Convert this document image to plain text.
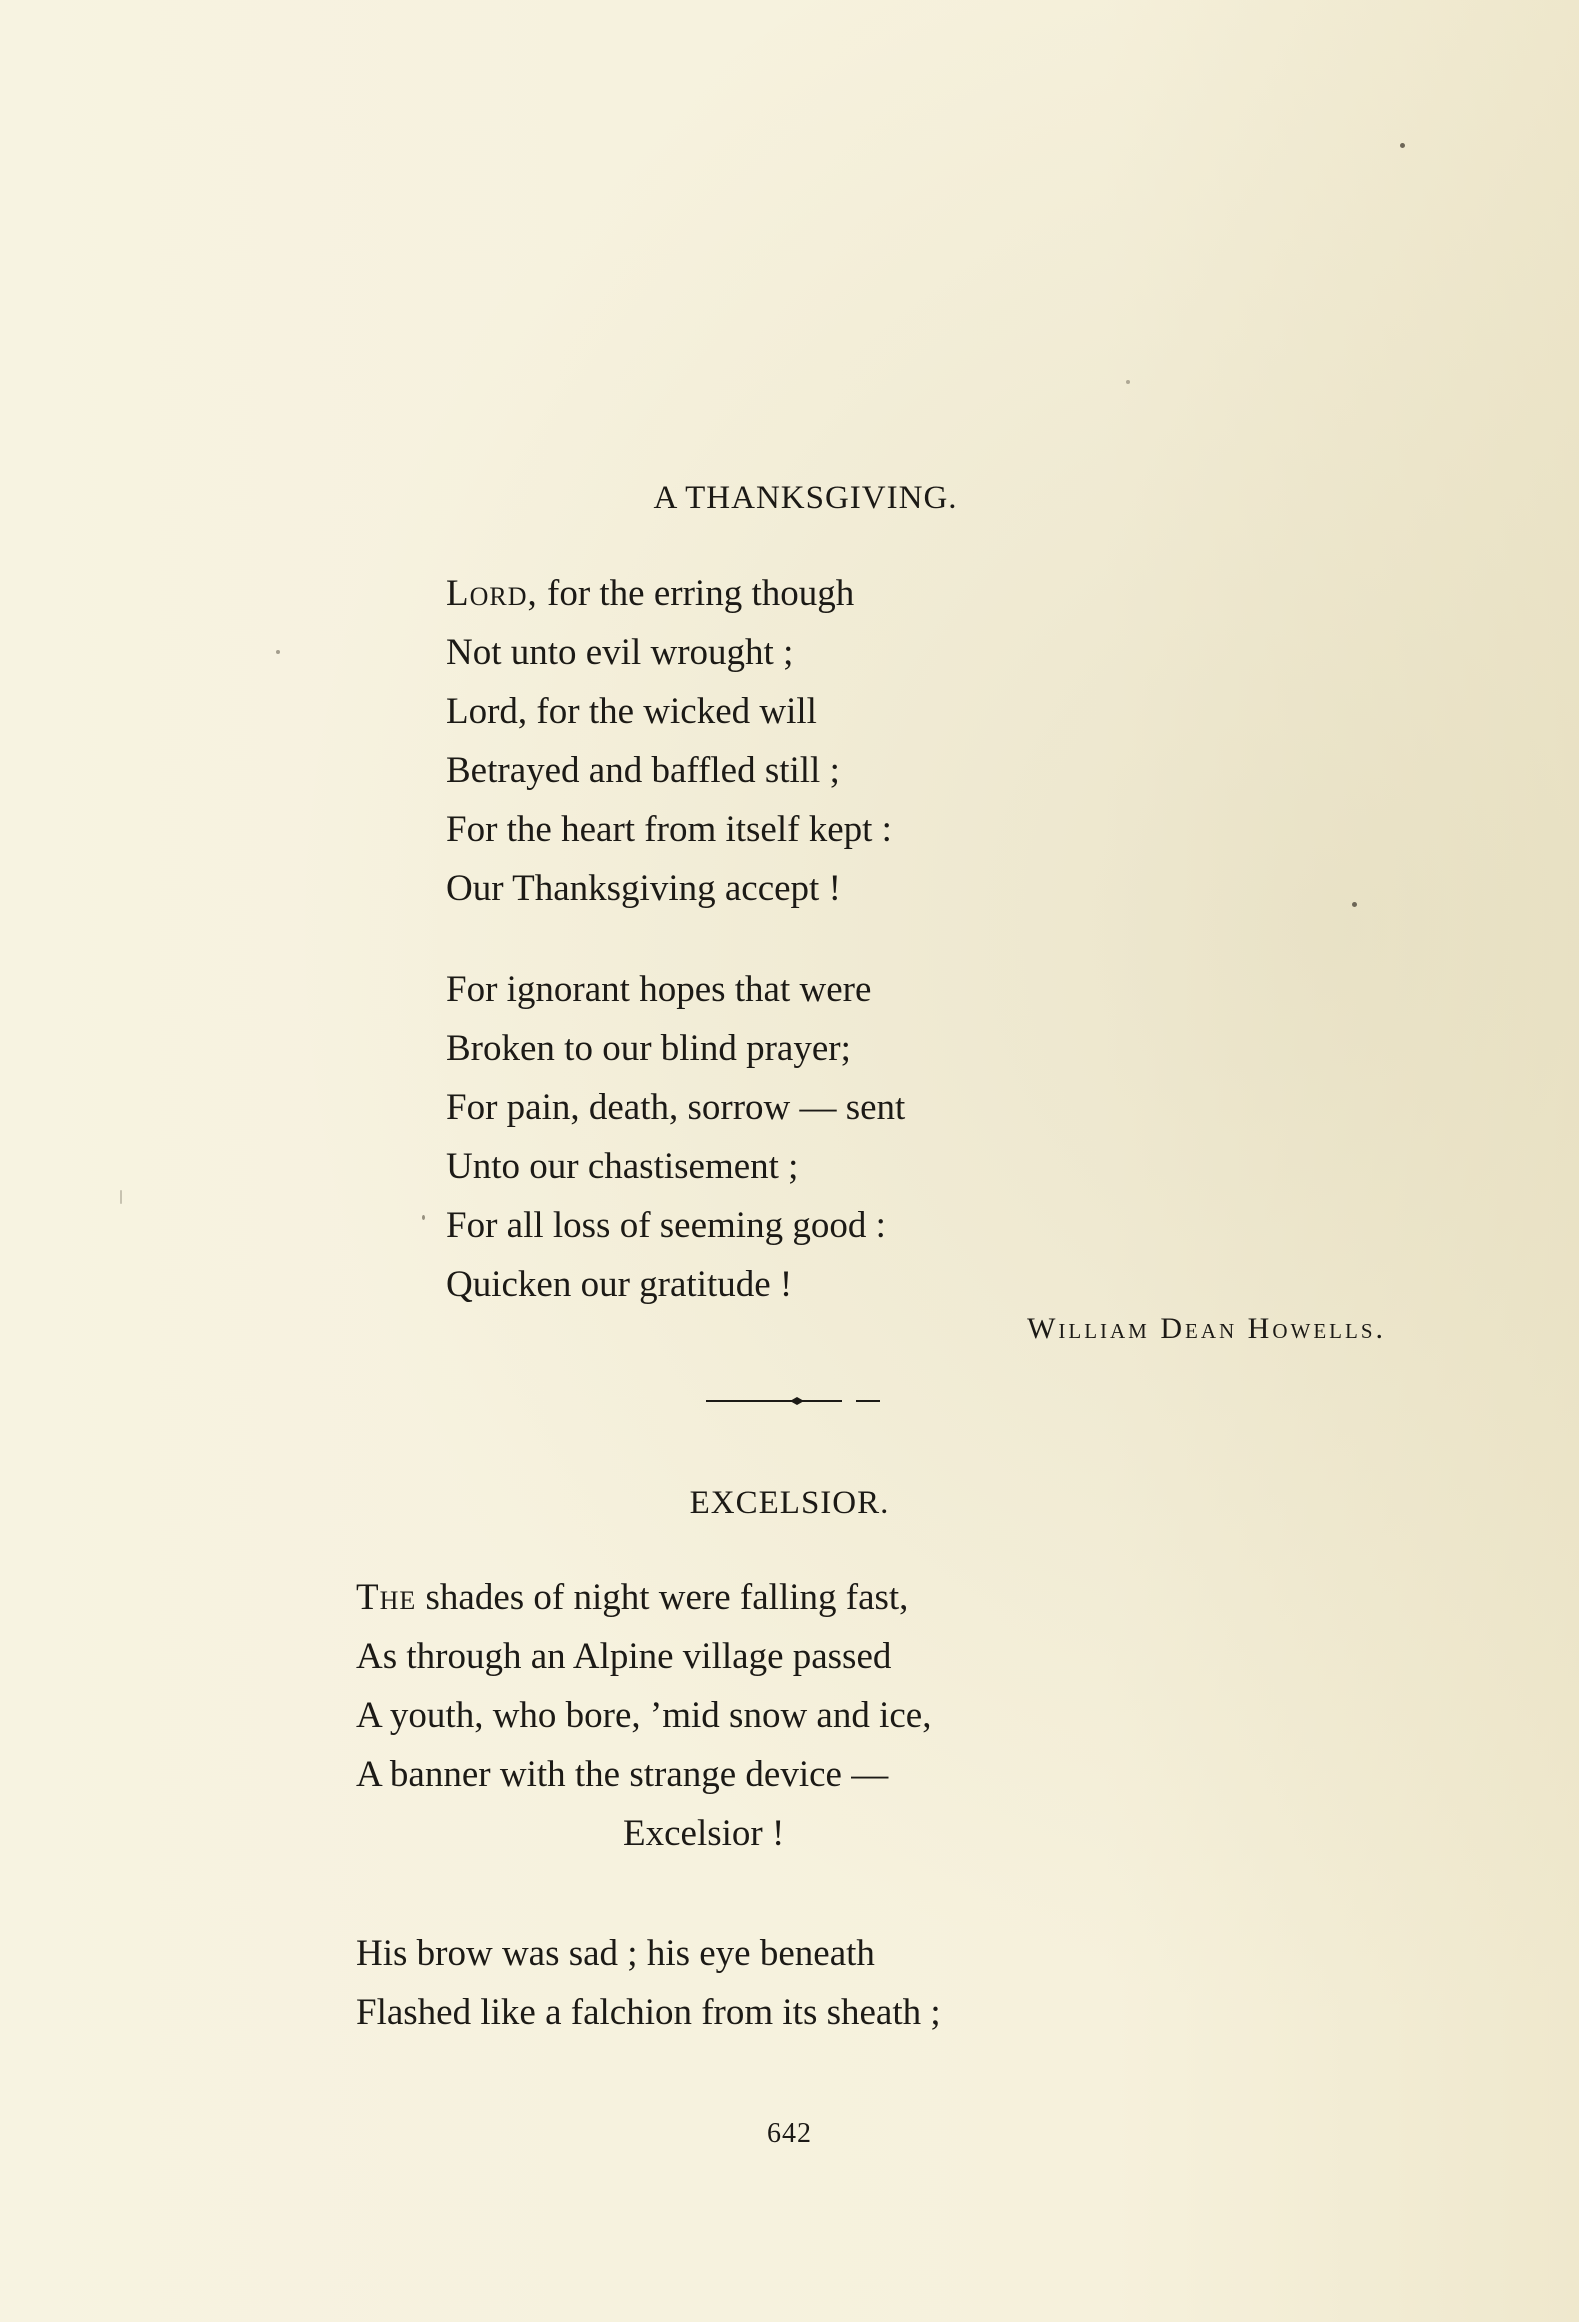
A THANKSGIVING.
Lord, for the erring though
Not unto evil wrought ;
Lord, for the wicked will
Betrayed and baffled still ;
For the heart from itself kept :
Our Thanksgiving accept !
For ignorant hopes that were
Broken to our blind prayer;
For pain, death, sorrow — sent
Unto our chastisement ;
For all loss of seeming good :
Quicken our gratitude !
William Dean Howells.
EXCELSIOR.
The shades of night were falling fast,
As through an Alpine village passed
A youth, who bore, ’mid snow and ice,
A banner with the strange device —
Excelsior !
His brow was sad ; his eye beneath
Flashed like a falchion from its sheath ;
642
